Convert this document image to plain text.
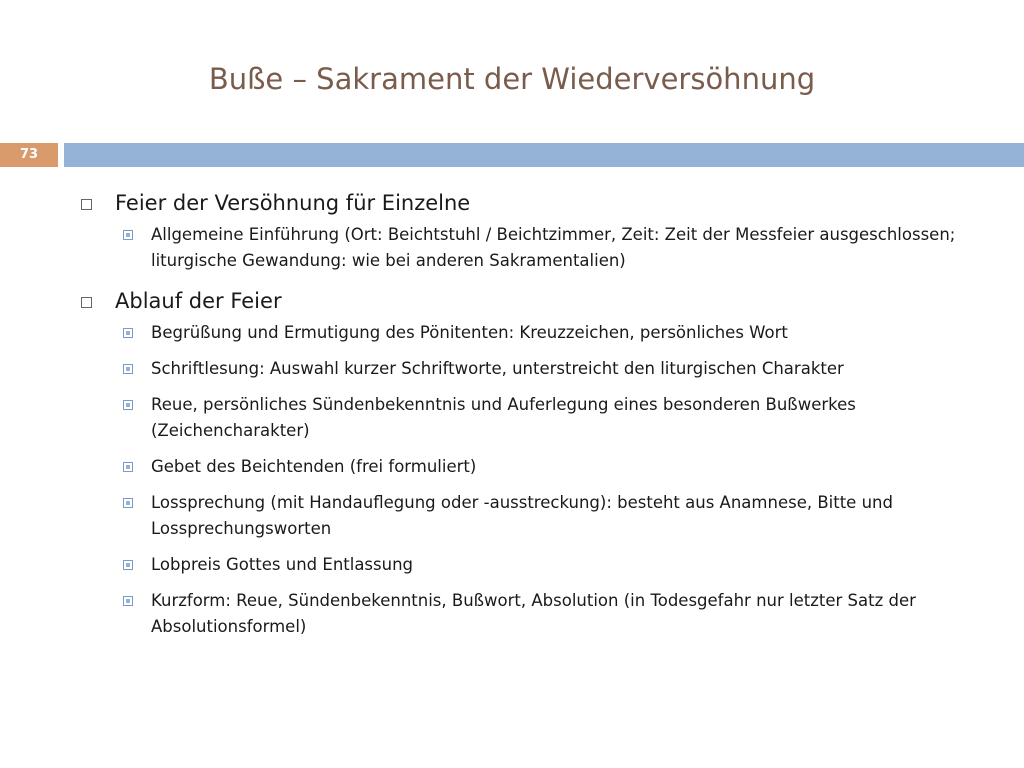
Buße – Sakrament der Wiederversöhnung
73
Feier der Versöhnung für Einzelne
Allgemeine Einführung (Ort: Beichtstuhl / Beichtzimmer, Zeit: Zeit der Messfeier ausgeschlossen; liturgische Gewandung: wie bei anderen Sakramentalien)
Ablauf der Feier
Begrüßung und Ermutigung des Pönitenten: Kreuzzeichen, persönliches Wort
Schriftlesung: Auswahl kurzer Schriftworte, unterstreicht den liturgischen Charakter
Reue, persönliches Sündenbekenntnis und Auferlegung eines besonderen Bußwerkes (Zeichencharakter)
Gebet des Beichtenden (frei formuliert)
Lossprechung (mit Handauflegung oder -ausstreckung): besteht aus Anamnese, Bitte und Lossprechungsworten
Lobpreis Gottes und Entlassung
Kurzform: Reue, Sündenbekenntnis, Bußwort, Absolution (in Todesgefahr nur letzter Satz der Absolutionsformel)
